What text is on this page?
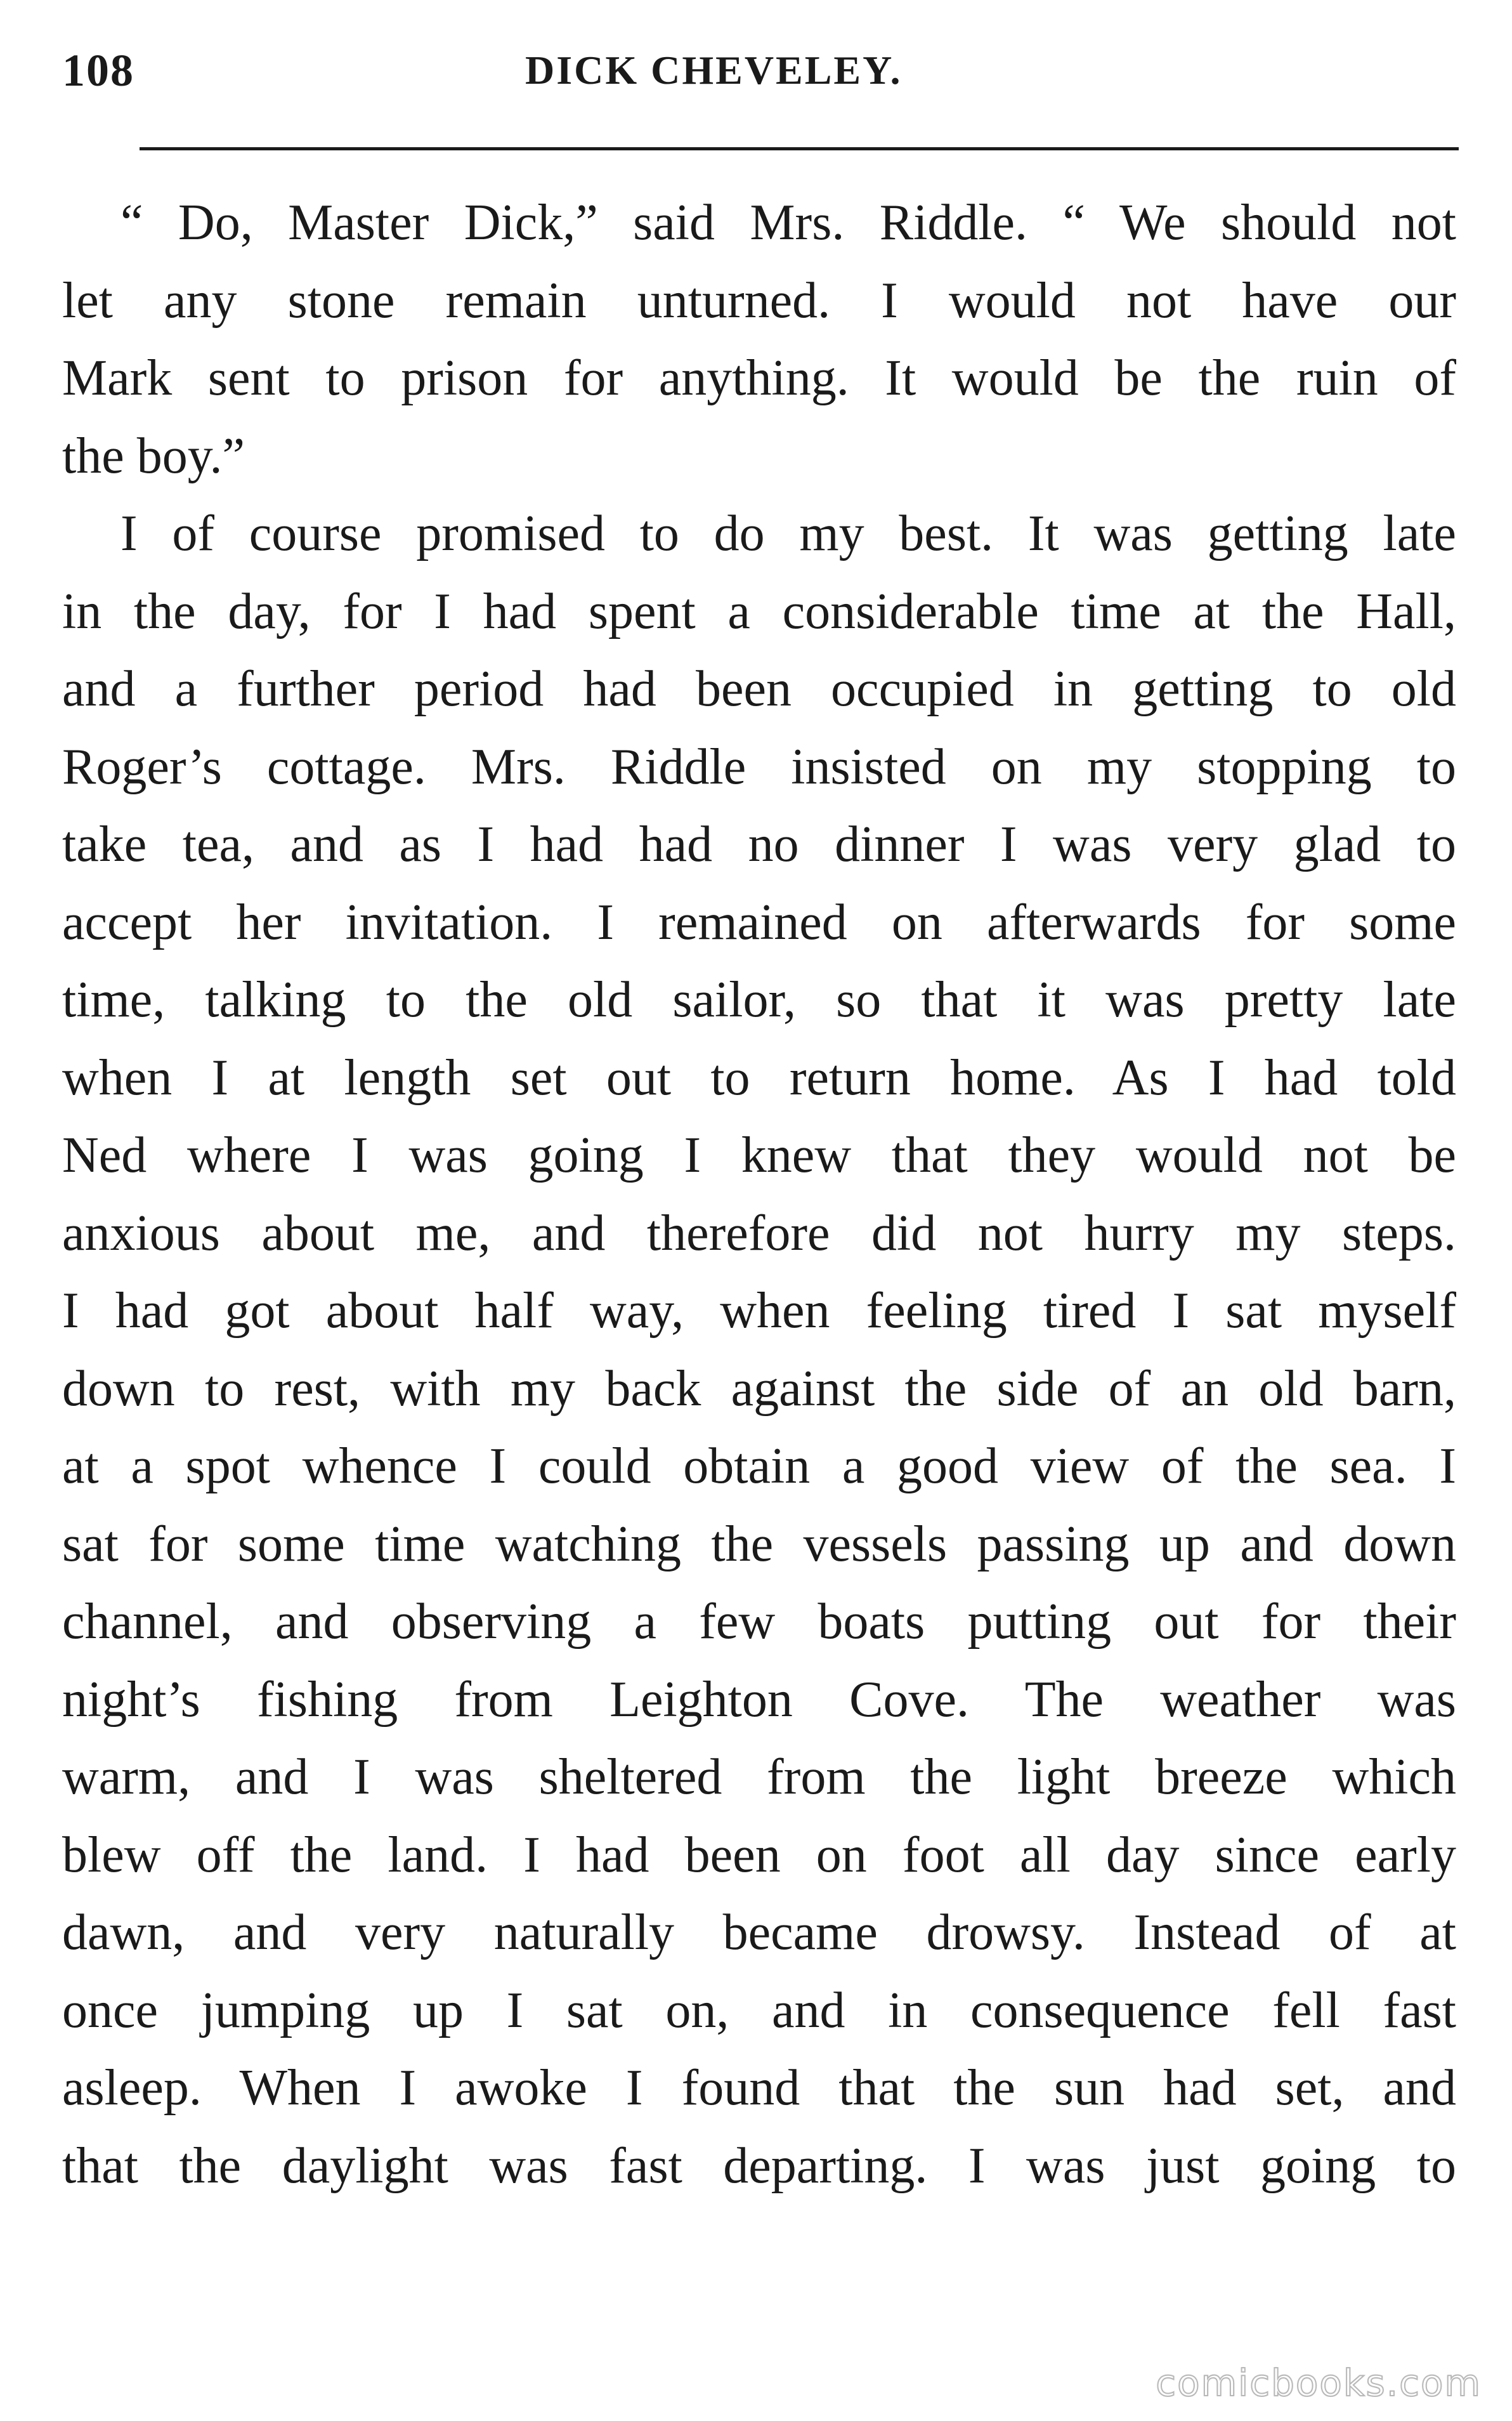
108	DICK CHEVELEY.
“ Do, Master Dick,” said Mrs. Riddle. “ We should not
let any stone remain unturned. I would not have our
Mark sent to prison for anything. It would be the ruin of
the boy.”
I of course promised to do my best. It was getting late
in the day, for I had spent a considerable time at the Hall,
and a further period had been occupied in getting to old
Roger’s cottage. Mrs. Riddle insisted on my stopping to
take tea, and as I had had no dinner I was very glad to
accept her invitation. I remained on afterwards for some
time, talking to the old sailor, so that it was pretty late
when I at length set out to return home. As I had told
Ned where I was going I knew that they would not be
anxious about me, and therefore did not hurry my steps.
I had got about half way, when feeling tired I sat myself
down to rest, with my back against the side of an old barn,
at a spot whence I could obtain a good view of the sea. I
sat for some time watching the vessels passing up and down
channel, and observing a few boats putting out for their
night’s fishing from Leighton Cove. The weather was
warm, and I was sheltered from the light breeze which
blew off the land. I had been on foot all day since early
dawn, and very naturally became drowsy. Instead of at
once jumping up I sat on, and in consequence fell fast
asleep. When I awoke I found that the sun had set, and
that the daylight was fast departing. I was just going to
comicbooks.com
